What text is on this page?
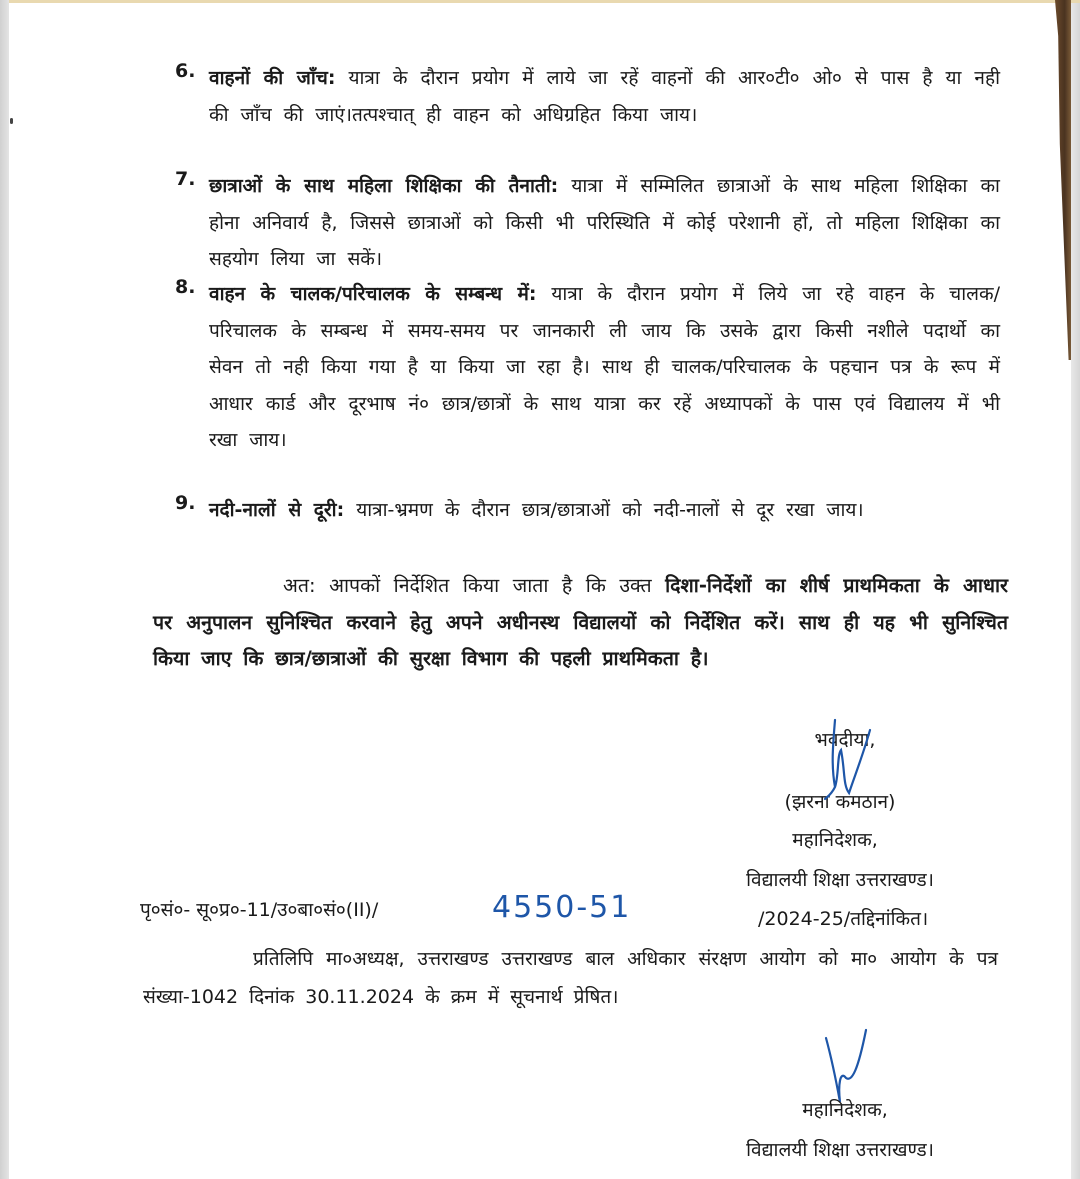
6. वाहनों की जाँच: यात्रा के दौरान प्रयोग में लाये जा रहें वाहनों की आर०टी० ओ० से पास है या नही की जाँच की जाएं।तत्पश्चात् ही वाहन को अधिग्रहित किया जाय।
7. छात्राओं के साथ महिला शिक्षिका की तैनाती: यात्रा में सम्मिलित छात्राओं के साथ महिला शिक्षिका का होना अनिवार्य है, जिससे छात्राओं को किसी भी परिस्थिति में कोई परेशानी हों, तो महिला शिक्षिका का सहयोग लिया जा सकें।
8. वाहन के चालक/परिचालक के सम्बन्ध में: यात्रा के दौरान प्रयोग में लिये जा रहे वाहन के चालक/परिचालक के सम्बन्ध में समय-समय पर जानकारी ली जाय कि उसके द्वारा किसी नशीले पदार्थो का सेवन तो नही किया गया है या किया जा रहा है। साथ ही चालक/परिचालक के पहचान पत्र के रूप में आधार कार्ड और दूरभाष नं० छात्र/छात्रों के साथ यात्रा कर रहें अध्यापकों के पास एवं विद्यालय में भी रखा जाय।
9. नदी-नालों से दूरी: यात्रा-भ्रमण के दौरान छात्र/छात्राओं को नदी-नालों से दूर रखा जाय।
अत: आपकों निर्देशित किया जाता है कि उक्त दिशा-निर्देशों का शीर्ष प्राथमिकता के आधार पर अनुपालन सुनिश्चित करवाने हेतु अपने अधीनस्थ विद्यालयों को निर्देशित करें। साथ ही यह भी सुनिश्चित किया जाए कि छात्र/छात्राओं की सुरक्षा विभाग की पहली प्राथमिकता है।
भवदीया,
(झरना कमठान)
महानिदेशक,
विद्यालयी शिक्षा उत्तराखण्ड।
पृ०सं०- सू०प्र०-11/उ०बा०सं०(II)/	4550-51	/2024-25/तद्दिनांकित।
प्रतिलिपि मा०अध्यक्ष, उत्तराखण्ड उत्तराखण्ड बाल अधिकार संरक्षण आयोग को मा० आयोग के पत्र संख्या-1042 दिनांक 30.11.2024 के क्रम में सूचनार्थ प्रेषित।
महानिदेशक,
विद्यालयी शिक्षा उत्तराखण्ड।
